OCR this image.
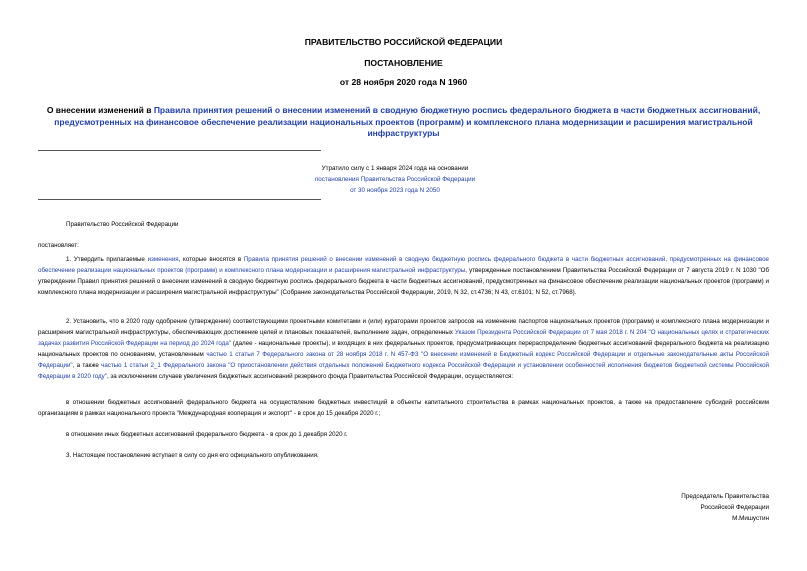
ПРАВИТЕЛЬСТВО РОССИЙСКОЙ ФЕДЕРАЦИИ
ПОСТАНОВЛЕНИЕ
от 28 ноября 2020 года N 1960
О внесении изменений в Правила принятия решений о внесении изменений в сводную бюджетную роспись федерального бюджета в части бюджетных ассигнований, предусмотренных на финансовое обеспечение реализации национальных проектов (программ) и комплексного плана модернизации и расширения магистральной инфраструктуры
Утратило силу с 1 января 2024 года на основании
постановления Правительства Российской Федерации
от 30 ноября 2023 года N 2050
Правительство Российской Федерации
постановляет:

1. Утвердить прилагаемые изменения, которые вносятся в Правила принятия решений о внесении изменений в сводную бюджетную роспись федерального бюджета в части бюджетных ассигнований, предусмотренных на финансовое обеспечение реализации национальных проектов (программ) и комплексного плана модернизации и расширения магистральной инфраструктуры, утвержденные постановлением Правительства Российской Федерации от 7 августа 2019 г. N 1030 "Об утверждении Правил принятия решений о внесении изменений в сводную бюджетную роспись федерального бюджета в части бюджетных ассигнований, предусмотренных на финансовое обеспечение реализации национальных проектов (программ) и комплексного плана модернизации и расширения магистральной инфраструктуры" (Собрание законодательства Российской Федерации, 2019, N 32, ст.4736; N 43, ст.6101; N 52, ст.7968).

2. Установить, что в 2020 году одобрение (утверждение) соответствующими проектными комитетами и (или) кураторами проектов запросов на изменение паспортов национальных проектов (программ) и комплексного плана модернизации и расширения магистральной инфраструктуры, обеспечивающих достижение целей и плановых показателей, выполнение задач, определенных Указом Президента Российской Федерации от 7 мая 2018 г. N 204 "О национальных целях и стратегических задачах развития Российской Федерации на период до 2024 года" (далее - национальные проекты), и входящих в них федеральных проектов, предусматривающих перераспределение бюджетных ассигнований федерального бюджета на реализацию национальных проектов по основаниям, установленным частью 1 статьи 7 Федерального закона от 28 ноября 2018 г. N 457-ФЗ "О внесении изменений в Бюджетный кодекс Российской Федерации и отдельные законодательные акты Российской Федерации", а также частью 1 статьи 2_1 Федерального закона "О приостановлении действия отдельных положений Бюджетного кодекса Российской Федерации и установлении особенностей исполнения бюджетов бюджетной системы Российской Федерации в 2020 году", за исключением случаев увеличения бюджетных ассигнований резервного фонда Правительства Российской Федерации, осуществляется:

в отношении бюджетных ассигнований федерального бюджета на осуществление бюджетных инвестиций в объекты капитального строительства в рамках национальных проектов, а также на предоставление субсидий российским организациям в рамках национального проекта "Международная кооперация и экспорт" - в срок до 15 декабря 2020 г.;

в отношении иных бюджетных ассигнований федерального бюджета - в срок до 1 декабря 2020 г.

3. Настоящее постановление вступает в силу со дня его официального опубликования.

Председатель Правительства
Российской Федерации
М.Мишустин
